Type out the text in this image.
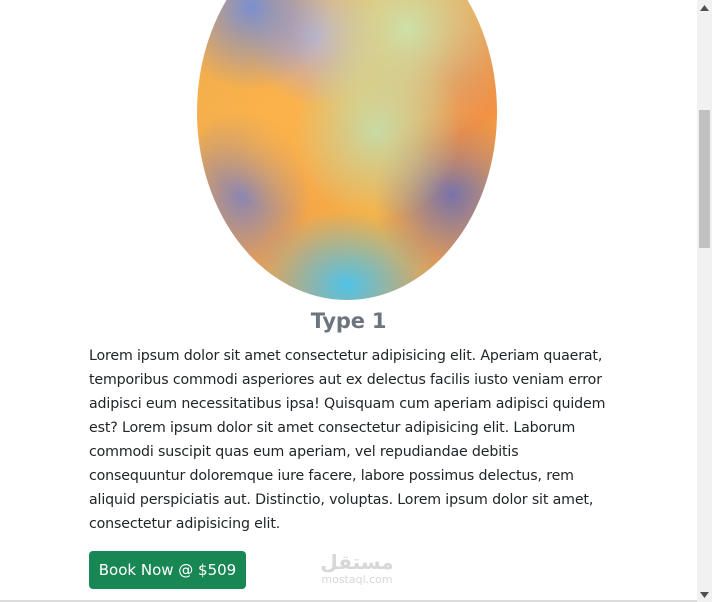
Type 1

Lorem ipsum dolor sit amet consectetur adipisicing elit. Aperiam quaerat, temporibus commodi asperiores aut ex delectus facilis iusto veniam error adipisci eum necessitatibus ipsa! Quisquam cum aperiam adipisci quidem est? Lorem ipsum dolor sit amet consectetur adipisicing elit. Laborum commodi suscipit quas eum aperiam, vel repudiandae debitis consequuntur doloremque iure facere, labore possimus delectus, rem aliquid perspiciatis aut. Distinctio, voluptas. Lorem ipsum dolor sit amet, consectetur adipisicing elit.

Book Now @ $509	مستقل
mostaql.com
